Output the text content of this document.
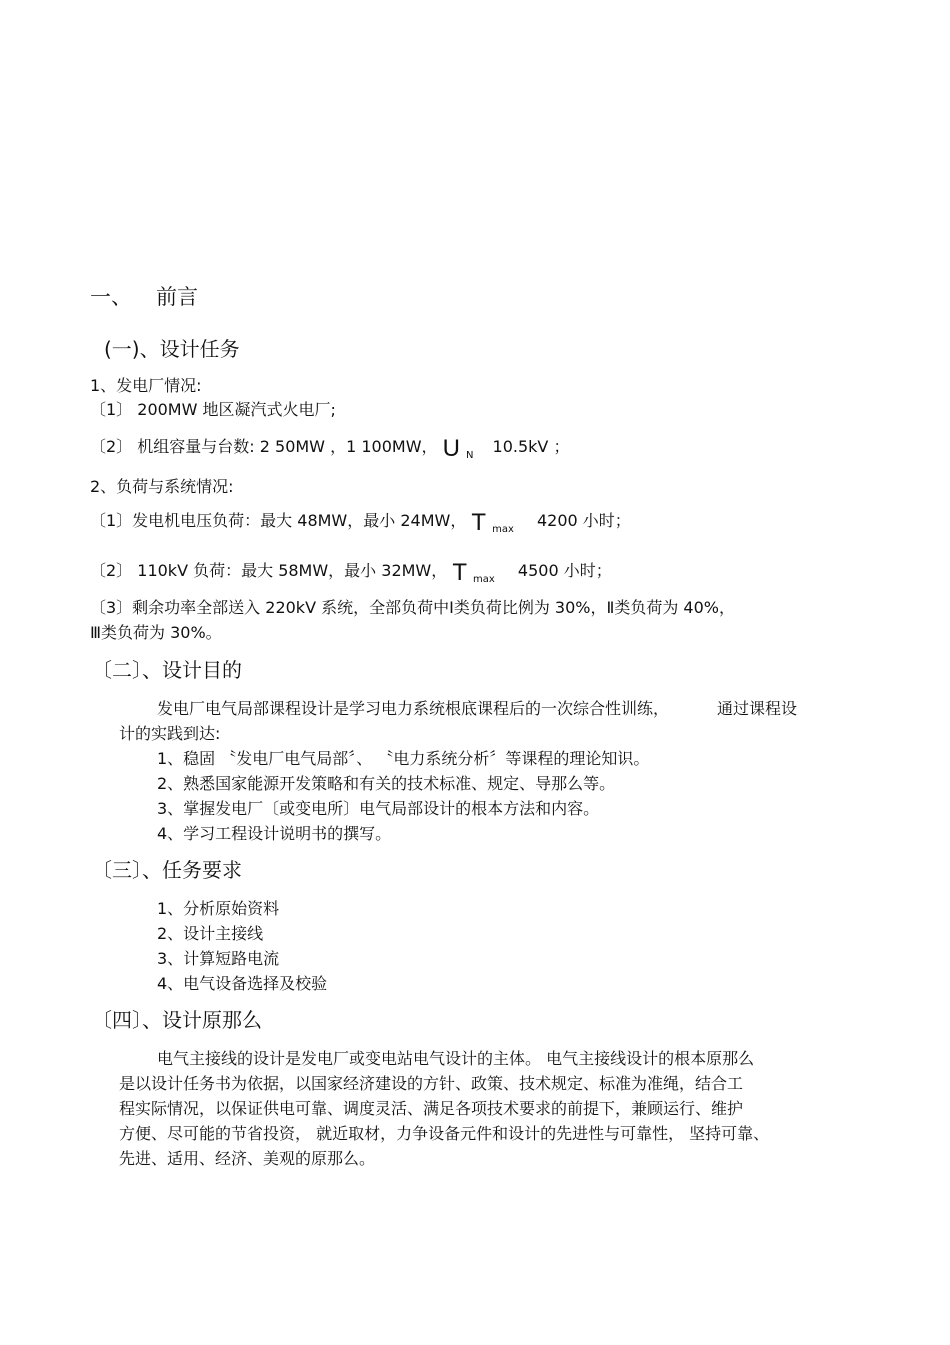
一、 前言
(一)、设计任务
1、发电厂情况:
〔1〕 200MW 地区凝汽式火电厂;
〔2〕 机组容量与台数: 2 50MW ，1 100MW， U $_N$ 10.5kV ；
2、负荷与系统情况:
〔1〕发电机电压负荷：最大 48MW，最小 24MW， T $_{max}$ 4200 小时；
〔2〕 110kV 负荷：最大 58MW，最小 32MW， T $_{max}$ 4500 小时；
〔3〕剩余功率全部送入 220kV 系统，全部负荷中Ⅰ类负荷比例为 30%，Ⅱ类负荷为 40%，
Ⅲ类负荷为 30%。
〔二〕、设计目的
发电厂电气局部课程设计是学习电力系统根底课程后的一次综合性训练，	通过课程设
计的实践到达:
1、稳固 〝发电厂电气局部〞、 〝电力系统分析〞等课程的理论知识。
2、熟悉国家能源开发策略和有关的技术标准、规定、导那么等。
3、掌握发电厂〔或变电所〕电气局部设计的根本方法和内容。
4、学习工程设计说明书的撰写。
〔三〕、任务要求
1、分析原始资料
2、设计主接线
3、计算短路电流
4、电气设备选择及校验
〔四〕、设计原那么
电气主接线的设计是发电厂或变电站电气设计的主体。 电气主接线设计的根本原那么
是以设计任务书为依据，以国家经济建设的方针、政策、技术规定、标准为准绳，结合工
程实际情况，以保证供电可靠、调度灵活、满足各项技术要求的前提下，兼顾运行、维护
方便、尽可能的节省投资， 就近取材，力争设备元件和设计的先进性与可靠性， 坚持可靠、
先进、适用、经济、美观的原那么。
